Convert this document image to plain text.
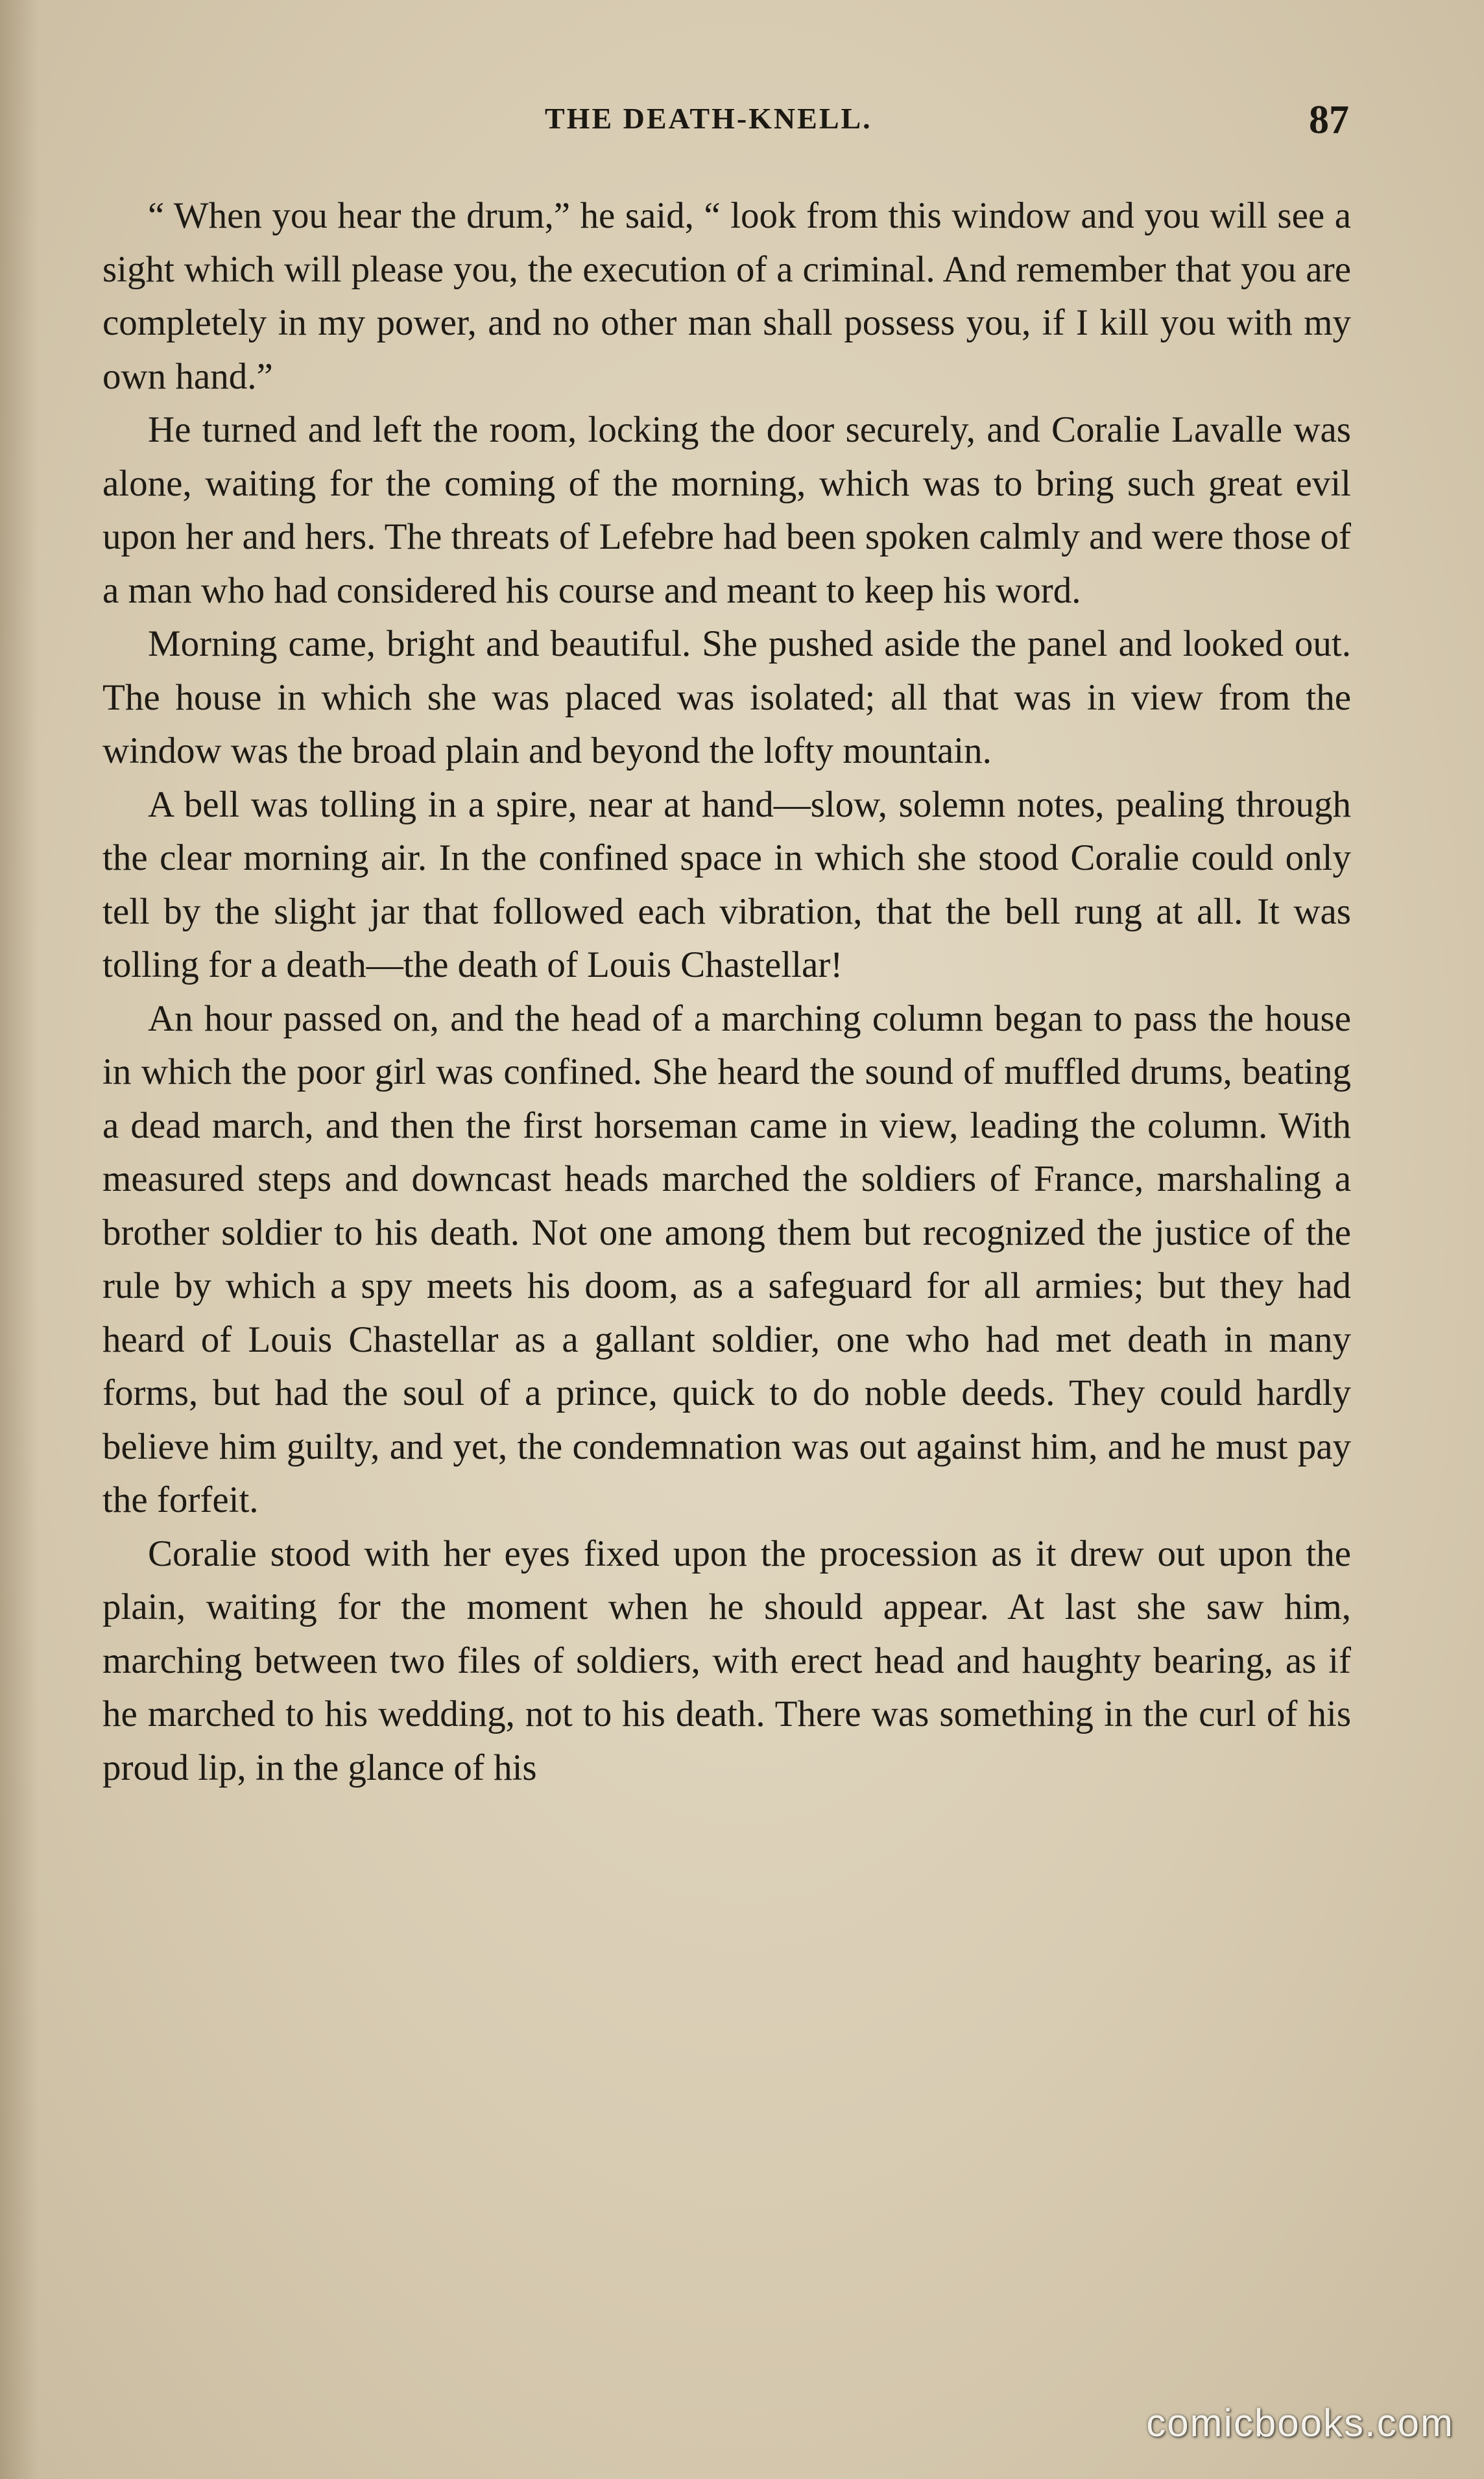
THE DEATH-KNELL.	87

“ When you hear the drum,” he said, “ look from this window and you will see a sight which will please you, the execution of a criminal. And remember that you are completely in my power, and no other man shall possess you, if I kill you with my own hand.”

He turned and left the room, locking the door securely, and Coralie Lavalle was alone, waiting for the coming of the morning, which was to bring such great evil upon her and hers. The threats of Lefebre had been spoken calmly and were those of a man who had considered his course and meant to keep his word.

Morning came, bright and beautiful. She pushed aside the panel and looked out. The house in which she was placed was isolated; all that was in view from the window was the broad plain and beyond the lofty mountain.

A bell was tolling in a spire, near at hand—slow, solemn notes, pealing through the clear morning air. In the confined space in which she stood Coralie could only tell by the slight jar that followed each vibration, that the bell rung at all. It was tolling for a death—the death of Louis Chastellar!

An hour passed on, and the head of a marching column began to pass the house in which the poor girl was confined. She heard the sound of muffled drums, beating a dead march, and then the first horseman came in view, leading the column. With measured steps and downcast heads marched the soldiers of France, marshaling a brother soldier to his death. Not one among them but recognized the justice of the rule by which a spy meets his doom, as a safeguard for all armies; but they had heard of Louis Chastellar as a gallant soldier, one who had met death in many forms, but had the soul of a prince, quick to do noble deeds. They could hardly believe him guilty, and yet, the condemnation was out against him, and he must pay the forfeit.

Coralie stood with her eyes fixed upon the procession as it drew out upon the plain, waiting for the moment when he should appear. At last she saw him, marching between two files of soldiers, with erect head and haughty bearing, as if he marched to his wedding, not to his death. There was something in the curl of his proud lip, in the glance of his

comicbooks.com
